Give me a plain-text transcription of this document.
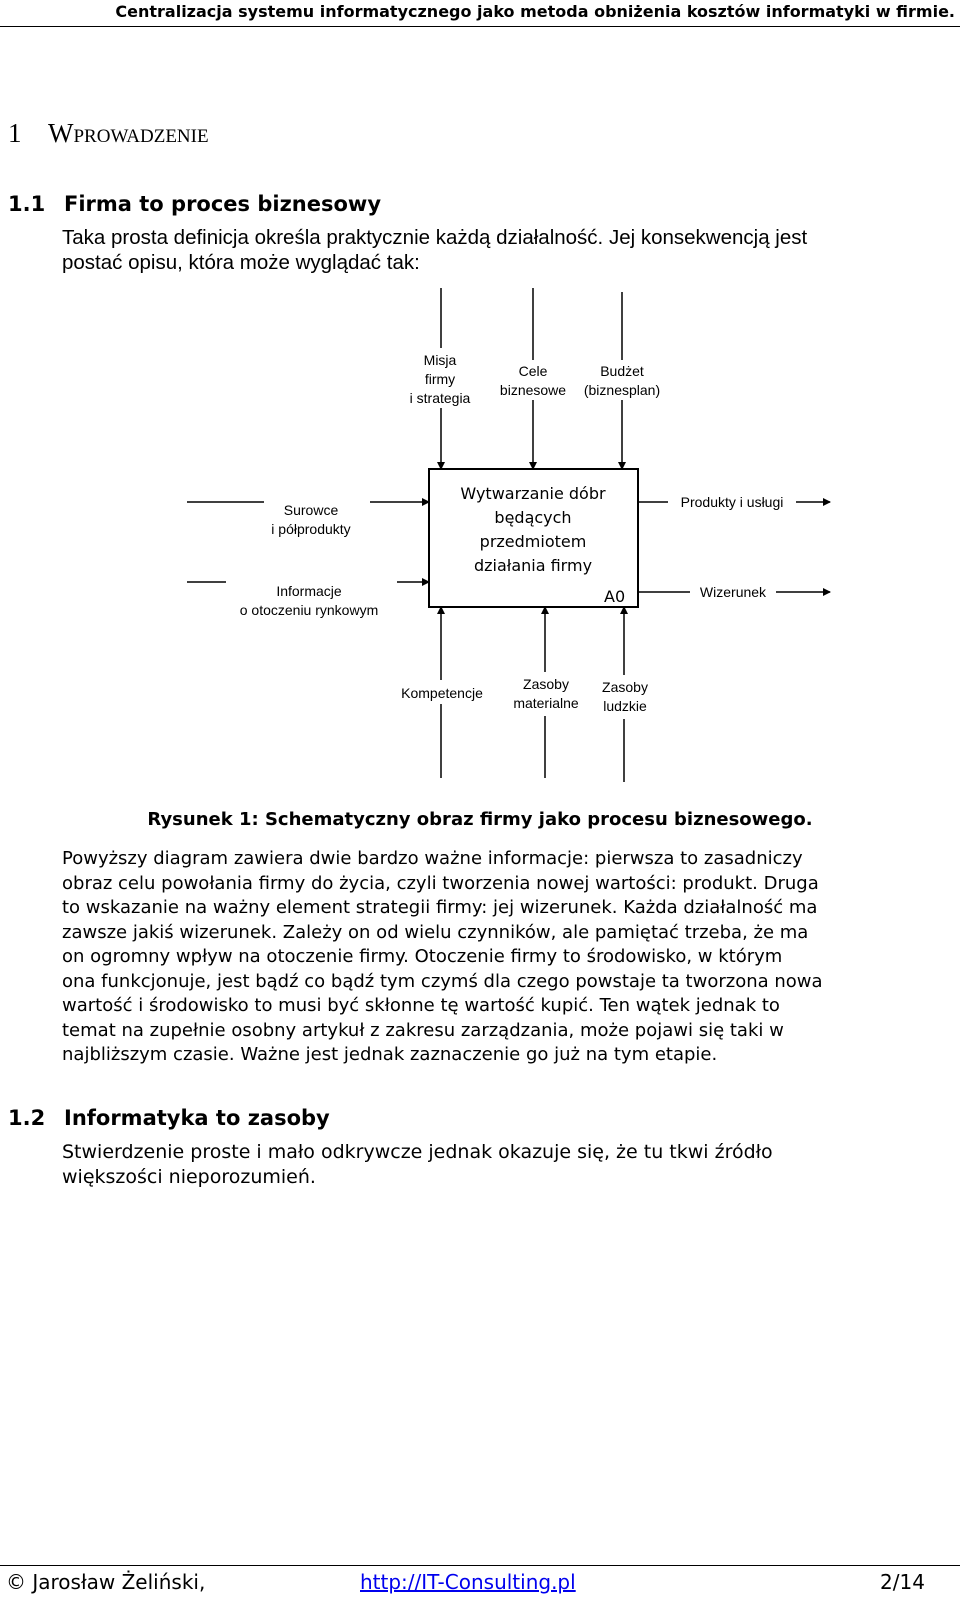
Centralizacja systemu informatycznego jako metoda obniżenia kosztów informatyki w firmie.
1 Wprowadzenie
1.1 Firma to proces biznesowy
Taka prosta definicja określa praktycznie każdą działalność. Jej konsekwencją jest
postać opisu, która może wyglądać tak:
Wytwarzanie dóbr
będących
przedmiotem
działania firmy
A0
Misja
firmy
i strategia
Cele
biznesowe
Budżet
(biznesplan)
Surowce
i półprodukty
Informacje
o otoczeniu rynkowym
Produkty i usługi
Wizerunek
Kompetencje
Zasoby
materialne
Zasoby
ludzkie
Rysunek 1: Schematyczny obraz firmy jako procesu biznesowego.
Powyższy diagram zawiera dwie bardzo ważne informacje: pierwsza to zasadniczy
obraz celu powołania firmy do życia, czyli tworzenia nowej wartości: produkt. Druga
to wskazanie na ważny element strategii firmy: jej wizerunek. Każda działalność ma
zawsze jakiś wizerunek. Zależy on od wielu czynników, ale pamiętać trzeba, że ma
on ogromny wpływ na otoczenie firmy. Otoczenie firmy to środowisko, w którym
ona funkcjonuje, jest bądź co bądź tym czymś dla czego powstaje ta tworzona nowa
wartość i środowisko to musi być skłonne tę wartość kupić. Ten wątek jednak to
temat na zupełnie osobny artykuł z zakresu zarządzania, może pojawi się taki w
najbliższym czasie. Ważne jest jednak zaznaczenie go już na tym etapie.
1.2 Informatyka to zasoby
Stwierdzenie proste i mało odkrywcze jednak okazuje się, że tu tkwi źródło
większości nieporozumień.
© Jarosław Żeliński,	http://IT-Consulting.pl	2/14
